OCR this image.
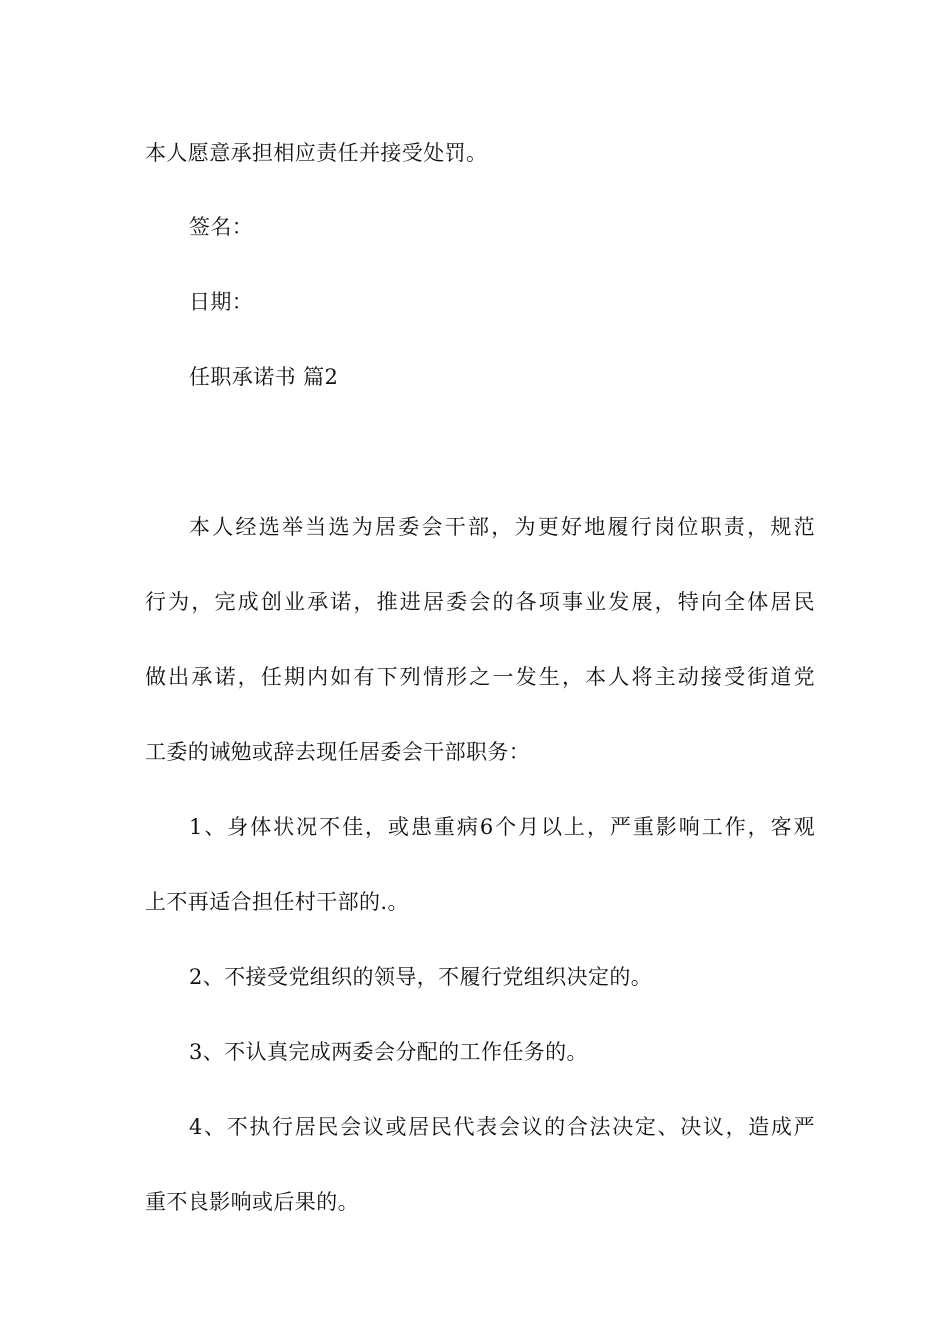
本人愿意承担相应责任并接受处罚。
签名：
日期：
任职承诺书 篇2
本人经选举当选为居委会干部，为更好地履行岗位职责，规范
行为，完成创业承诺，推进居委会的各项事业发展，特向全体居民
做出承诺，任期内如有下列情形之一发生，本人将主动接受街道党
工委的诫勉或辞去现任居委会干部职务：
1、身体状况不佳，或患重病6个月以上，严重影响工作，客观
上不再适合担任村干部的.。
2、不接受党组织的领导，不履行党组织决定的。
3、不认真完成两委会分配的工作任务的。
4、不执行居民会议或居民代表会议的合法决定、决议，造成严
重不良影响或后果的。
